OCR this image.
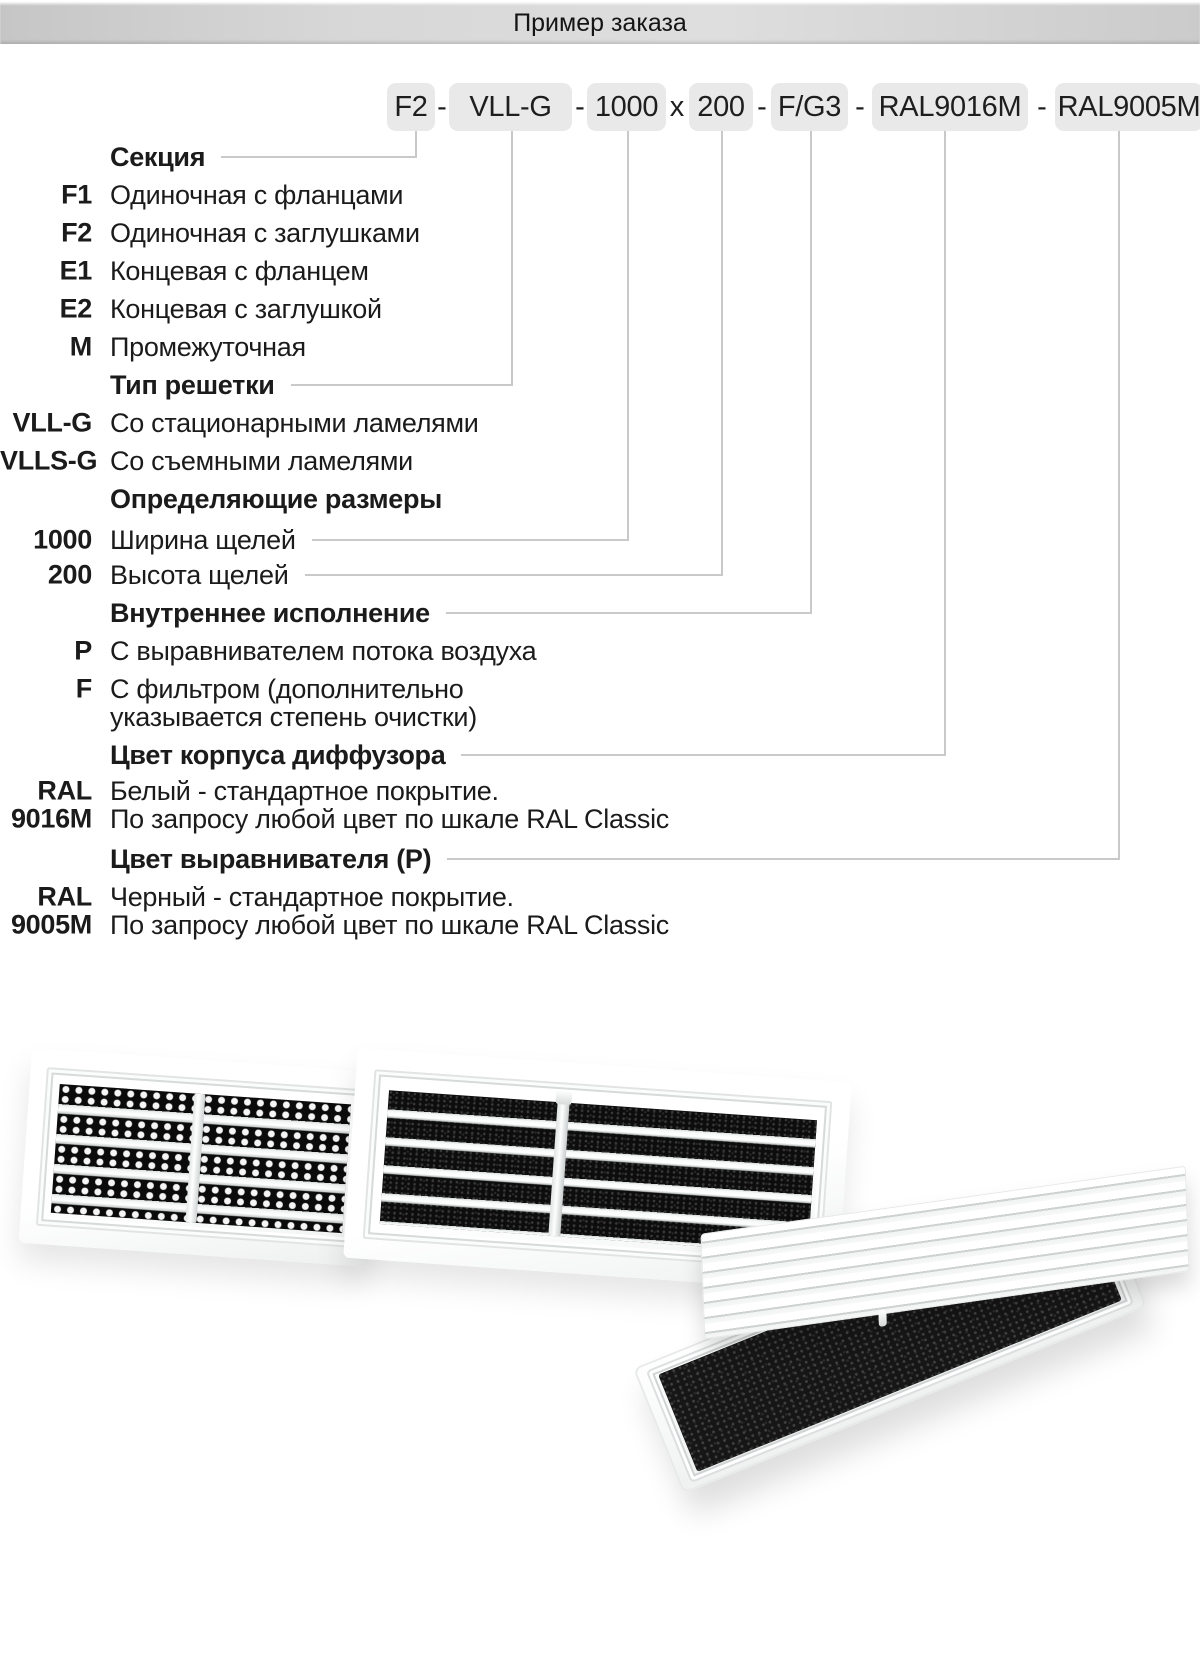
Пример заказа
F2	VLL-G	1000 200 F/G3 RAL9016M RAL9005M
-	-	x	-	-	-
Секция
F1 Одиночная с фланцами
F2 Одиночная с заглушками
E1 Концевая с фланцем
E2 Концевая с заглушкой
M Промежуточная
Тип решетки
VLL-G Со стационарными ламелями
VLLS-G Со съемными ламелями
Определяющие размеры
1000 Ширина щелей
200 Высота щелей
Внутреннее исполнение
P С выравнивателем потока воздуха
F С фильтром (дополнительно
указывается степень очистки)
Цвет корпуса диффузора
RAL Белый - стандартное покрытие.
9016M По запросу любой цвет по шкале RAL Classic
Цвет выравнивателя (P)
RAL Черный - стандартное покрытие.
9005M По запросу любой цвет по шкале RAL Classic
